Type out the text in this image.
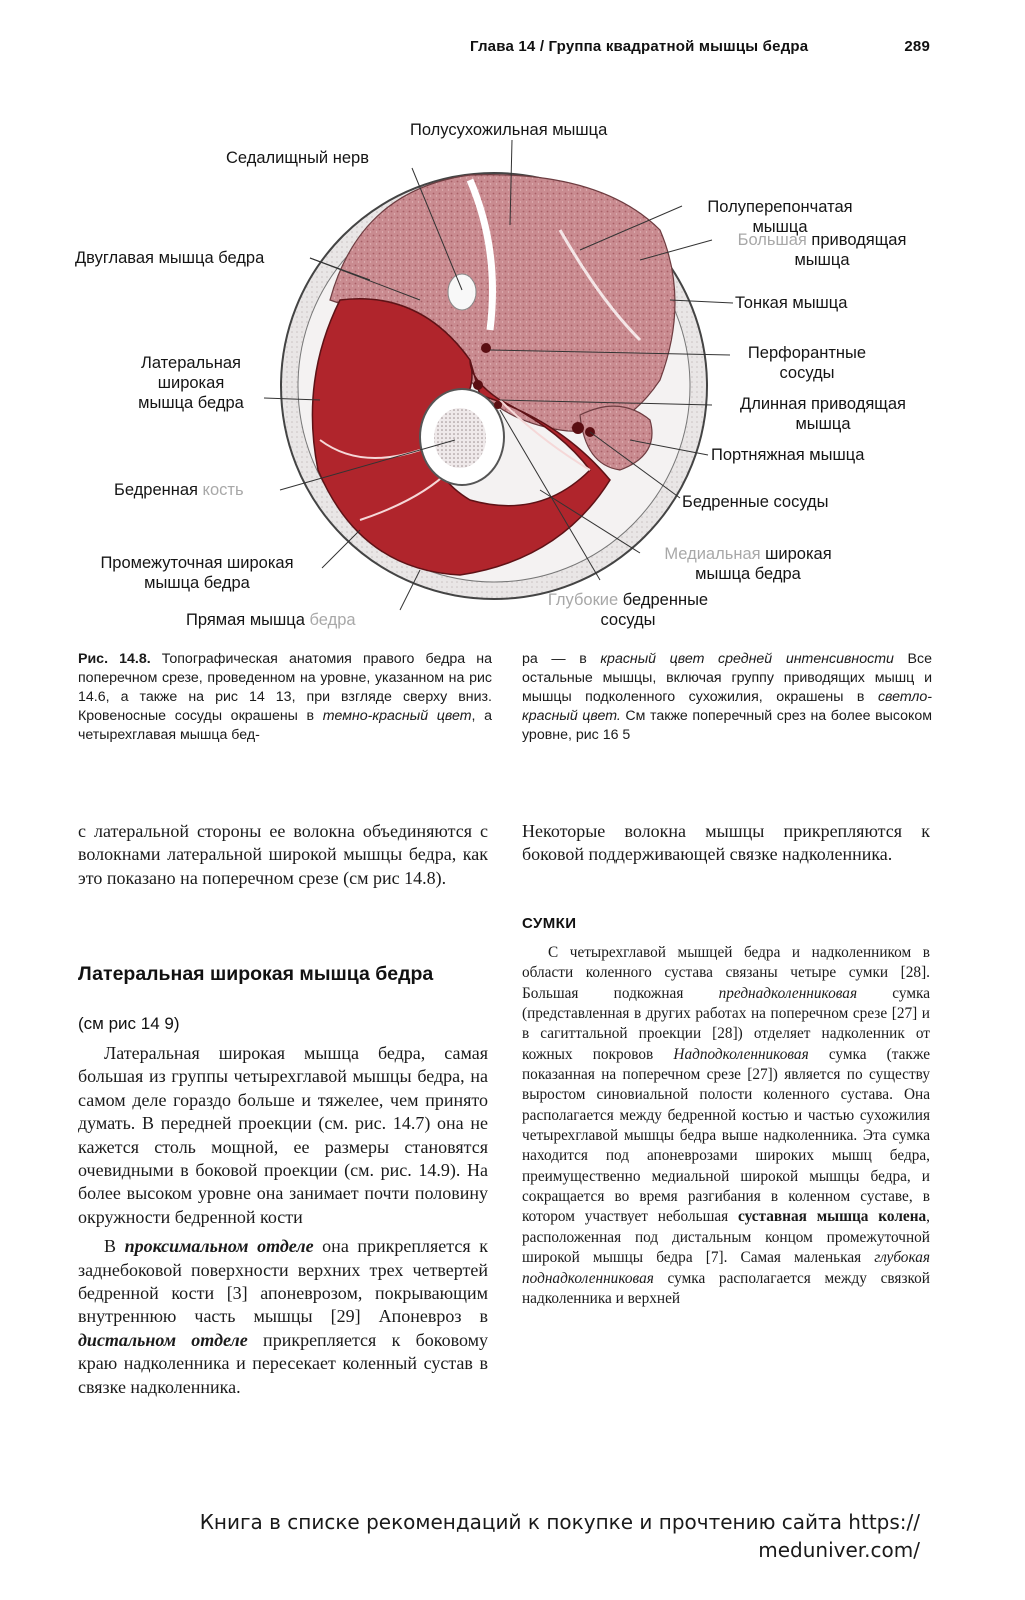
Глава 14 / Группа квадратной мышцы бедра	289
Полусухожильная мышца
Седалищный нерв
Двуглавая мышца бедра
Полуперепончатая
мышца
Большая приводящая
мышца
Тонкая мышца
Перфорантные
сосуды
Длинная приводящая
мышца
Портняжная мышца
Бедренные сосуды
Медиальная широкая
мышца бедра
Глубокие бедренные
сосуды
Латеральная
широкая
мышца бедра
Бедренная кость
Промежуточная широкая
мышца бедра
Прямая мышца бедра
Рис. 14.8. Топографическая анатомия правого бедра на поперечном срезе, проведенном на уровне, указанном на рис 14.6, а также на рис 14 13, при взгляде сверху вниз. Кровеносные сосуды окрашены в темно-красный цвет, а четырехглавая мышца бед-
ра — в красный цвет средней интенсивности Все остальные мышцы, включая группу приводящих мышц и мышцы подколенного сухожилия, окрашены в светло-красный цвет. См также поперечный срез на более высоком уровне, рис 16 5

с латеральной стороны ее волокна объединяются с волокнами латеральной широкой мышцы бедра, как это показано на поперечном срезе (см рис 14.8).

Латеральная широкая мышца бедра
(см рис 14 9)

Латеральная широкая мышца бедра, самая большая из группы четырехглавой мышцы бедра, на самом деле гораздо больше и тяжелее, чем принято думать. В передней проекции (см. рис. 14.7) она не кажется столь мощной, ее размеры становятся очевидными в боковой проекции (см. рис. 14.9). На более высоком уровне она занимает почти половину окружности бедренной кости

В проксимальном отделе она прикрепляется к заднебоковой поверхности верхних трех четвертей бедренной кости [3] апоневрозом, покрывающим внутреннюю часть мышцы [29] Апоневроз в дистальном отделе прикрепляется к боковому краю надколенника и пересекает коленный сустав в связке надколенника.

Некоторые волокна мышцы прикрепляются к боковой поддерживающей связке надколенника.

СУМКИ

С четырехглавой мышцей бедра и надколенником в области коленного сустава связаны четыре сумки [28]. Большая подкожная преднадколенниковая сумка (представленная в других работах на поперечном срезе [27] и в сагиттальной проекции [28]) отделяет надколенник от кожных покровов Надподколенниковая сумка (также показанная на поперечном срезе [27]) является по существу выростом синовиальной полости коленного сустава. Она располагается между бедренной костью и частью сухожилия четырехглавой мышцы бедра выше надколенника. Эта сумка находится под апоневрозами широких мышц бедра, преимущественно медиальной широкой мышцы бедра, и сокращается во время разгибания в коленном суставе, в котором участвует небольшая суставная мышца колена, расположенная под дистальным концом промежуточной широкой мышцы бедра [7]. Самая маленькая глубокая поднадколенниковая сумка располагается между связкой надколенника и верхней

Книга в списке рекомендаций к покупке и прочтению сайта https://
meduniver.com/
